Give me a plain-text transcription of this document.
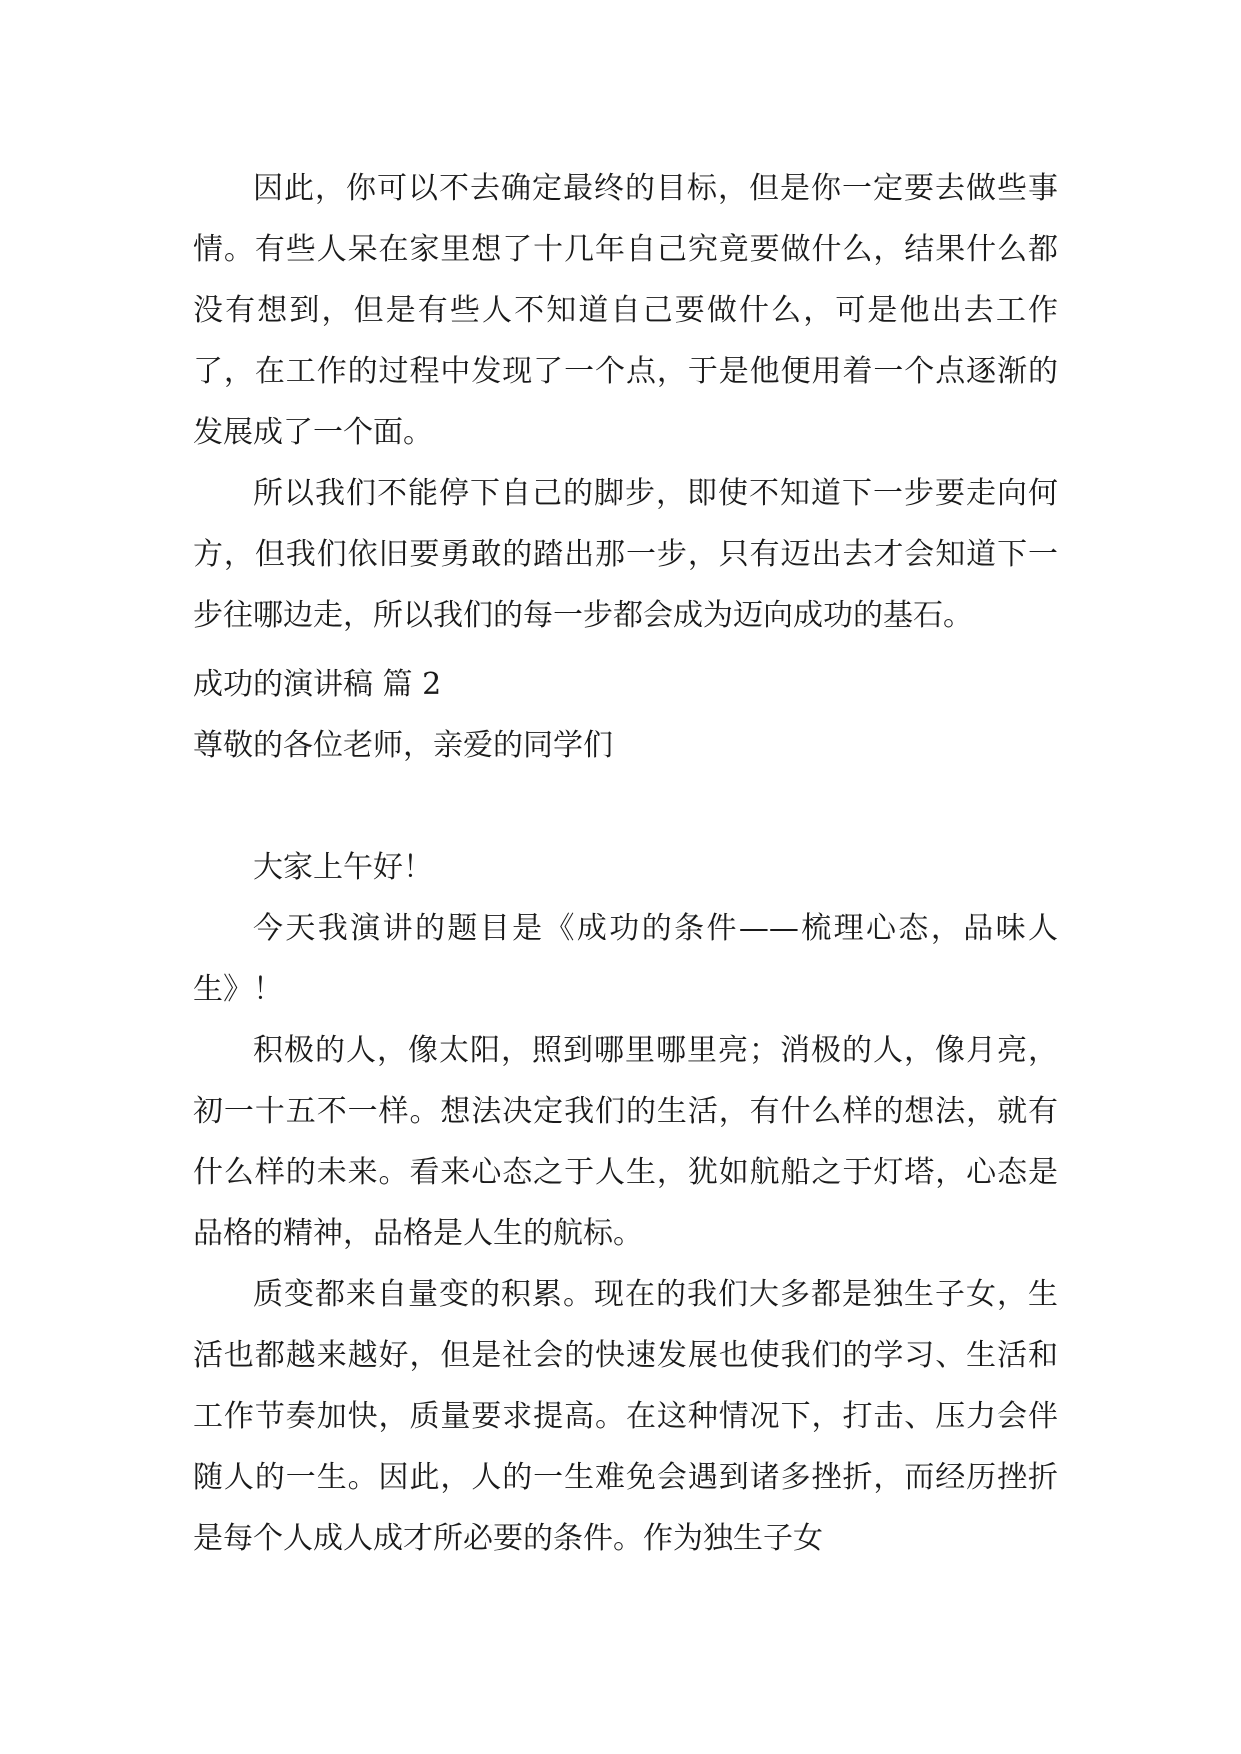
因此，你可以不去确定最终的目标，但是你一定要去做些事情。有些人呆在家里想了十几年自己究竟要做什么，结果什么都没有想到，但是有些人不知道自己要做什么，可是他出去工作了，在工作的过程中发现了一个点，于是他便用着一个点逐渐的发展成了一个面。

所以我们不能停下自己的脚步，即使不知道下一步要走向何方，但我们依旧要勇敢的踏出那一步，只有迈出去才会知道下一步往哪边走，所以我们的每一步都会成为迈向成功的基石。

成功的演讲稿 篇 2

尊敬的各位老师，亲爱的同学们

大家上午好！

今天我演讲的题目是《成功的条件——梳理心态，品味人生》！

积极的人，像太阳，照到哪里哪里亮；消极的人，像月亮，初一十五不一样。想法决定我们的生活，有什么样的想法，就有什么样的未来。看来心态之于人生，犹如航船之于灯塔，心态是品格的精神，品格是人生的航标。

质变都来自量变的积累。现在的我们大多都是独生子女，生活也都越来越好，但是社会的快速发展也使我们的学习、生活和工作节奏加快，质量要求提高。在这种情况下，打击、压力会伴随人的一生。因此，人的一生难免会遇到诸多挫折，而经历挫折是每个人成人成才所必要的条件。作为独生子女
